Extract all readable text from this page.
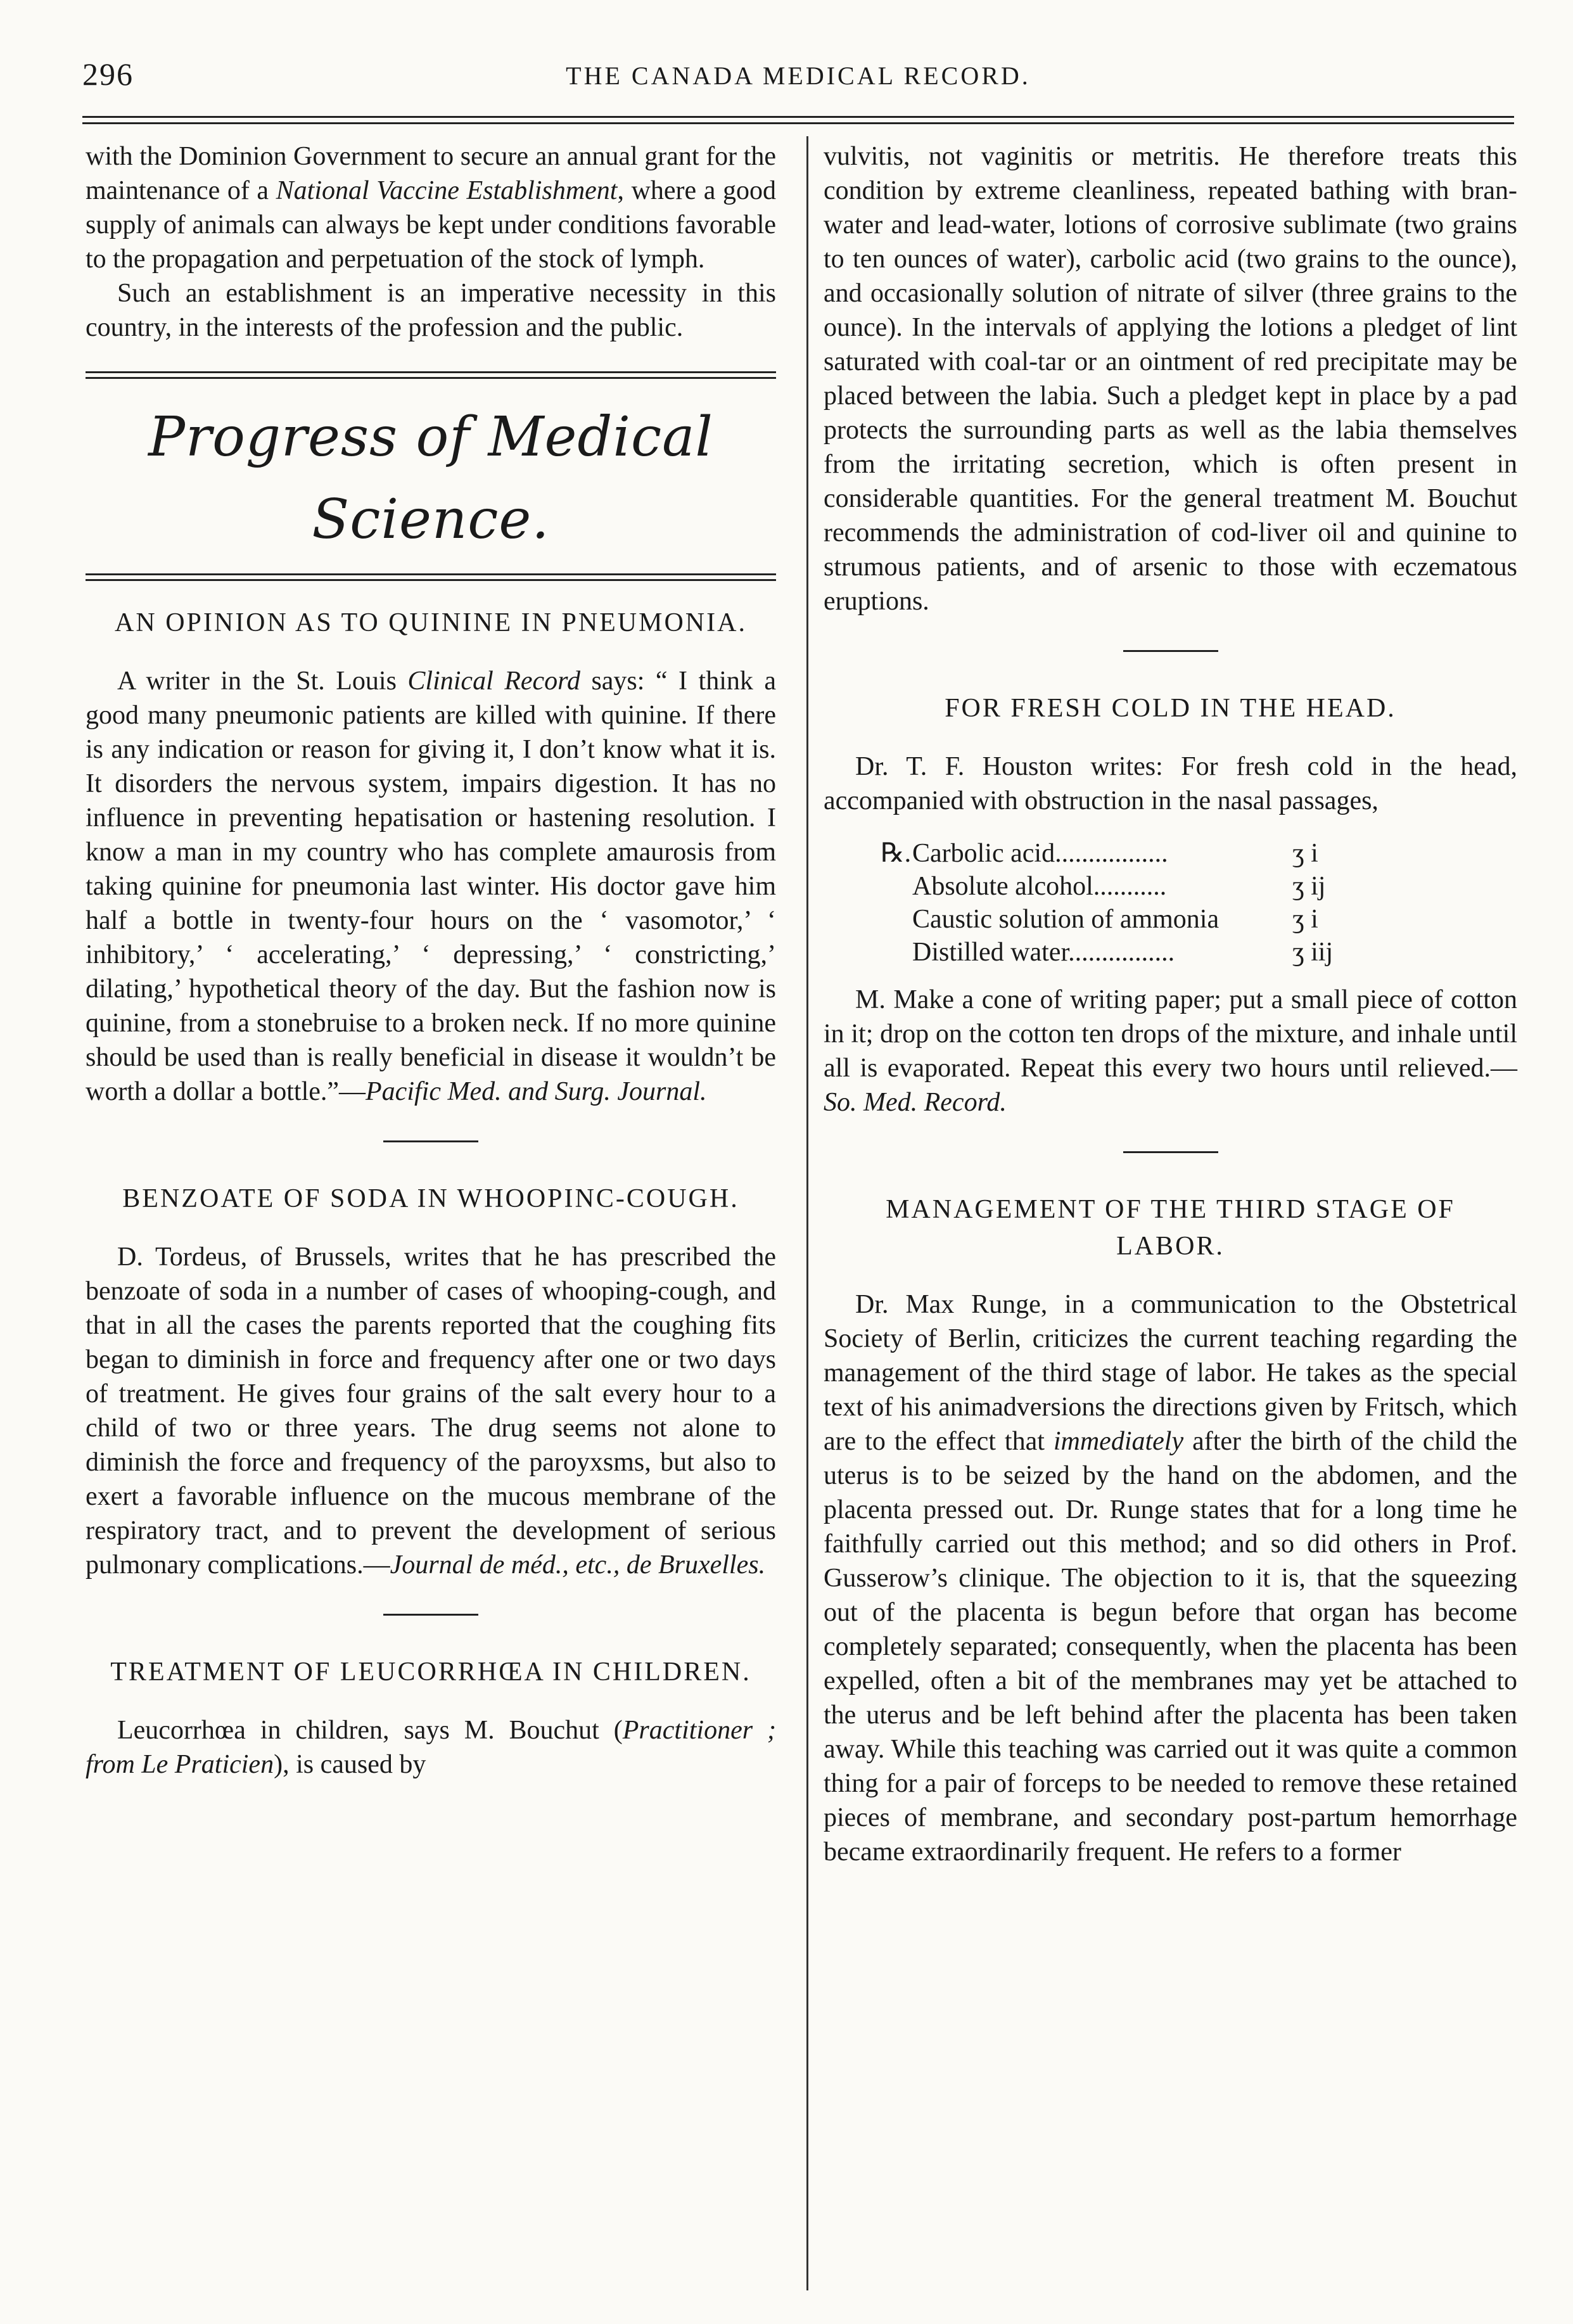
296	THE CANADA MEDICAL RECORD.

with the Dominion Government to secure an annual grant for the maintenance of a National Vaccine Establishment, where a good supply of animals can always be kept under conditions favorable to the propagation and perpetuation of the stock of lymph.

Such an establishment is an imperative necessity in this country, in the interests of the profession and the public.

Progress of Medical Science.
AN OPINION AS TO QUININE IN PNEUMONIA.

A writer in the St. Louis Clinical Record says: “ I think a good many pneumonic patients are killed with quinine. If there is any indication or reason for giving it, I don’t know what it is. It disorders the nervous system, impairs digestion. It has no influence in preventing hepatisation or hastening resolution. I know a man in my country who has complete amaurosis from taking quinine for pneumonia last winter. His doctor gave him half a bottle in twenty-four hours on the ‘ vasomotor,’ ‘ inhibitory,’ ‘ accelerating,’ ‘ depressing,’ ‘ constricting,’ dilating,’ hypothetical theory of the day. But the fashion now is quinine, from a stonebruise to a broken neck. If no more quinine should be used than is really beneficial in disease it wouldn’t be worth a dollar a bottle.”—Pacific Med. and Surg. Journal.

BENZOATE OF SODA IN WHOOPINC-COUGH.

D. Tordeus, of Brussels, writes that he has prescribed the benzoate of soda in a number of cases of whooping-cough, and that in all the cases the parents reported that the coughing fits began to diminish in force and frequency after one or two days of treatment. He gives four grains of the salt every hour to a child of two or three years. The drug seems not alone to diminish the force and frequency of the paroyxsms, but also to exert a favorable influence on the mucous membrane of the respiratory tract, and to prevent the development of serious pulmonary complications.—Journal de méd., etc., de Bruxelles.

TREATMENT OF LEUCORRHŒA IN CHILDREN.

Leucorrhœa in children, says M. Bouchut (Practitioner ; from Le Praticien), is caused by

vulvitis, not vaginitis or metritis. He therefore treats this condition by extreme cleanliness, repeated bathing with bran-water and lead-water, lotions of corrosive sublimate (two grains to ten ounces of water), carbolic acid (two grains to the ounce), and occasionally solution of nitrate of silver (three grains to the ounce). In the intervals of applying the lotions a pledget of lint saturated with coal-tar or an ointment of red precipitate may be placed between the labia. Such a pledget kept in place by a pad protects the surrounding parts as well as the labia themselves from the irritating secretion, which is often present in considerable quantities. For the general treatment M. Bouchut recommends the administration of cod-liver oil and quinine to strumous patients, and of arsenic to those with eczematous eruptions.

FOR FRESH COLD IN THE HEAD.

Dr. T. F. Houston writes: For fresh cold in the head, accompanied with obstruction in the nasal passages,

℞. Carbolic acid.................	ʒ i
Absolute alcohol...........	ʒ ij
Caustic solution of ammonia	ʒ i
Distilled water................	ʒ iij

M. Make a cone of writing paper; put a small piece of cotton in it; drop on the cotton ten drops of the mixture, and inhale until all is evaporated. Repeat this every two hours until relieved.—So. Med. Record.

MANAGEMENT OF THE THIRD STAGE OF LABOR.

Dr. Max Runge, in a communication to the Obstetrical Society of Berlin, criticizes the current teaching regarding the management of the third stage of labor. He takes as the special text of his animadversions the directions given by Fritsch, which are to the effect that immediately after the birth of the child the uterus is to be seized by the hand on the abdomen, and the placenta pressed out. Dr. Runge states that for a long time he faithfully carried out this method; and so did others in Prof. Gusserow’s clinique. The objection to it is, that the squeezing out of the placenta is begun before that organ has become completely separated; consequently, when the placenta has been expelled, often a bit of the membranes may yet be attached to the uterus and be left behind after the placenta has been taken away. While this teaching was carried out it was quite a common thing for a pair of forceps to be needed to remove these retained pieces of membrane, and secondary post-partum hemorrhage became extraordinarily frequent. He refers to a former
